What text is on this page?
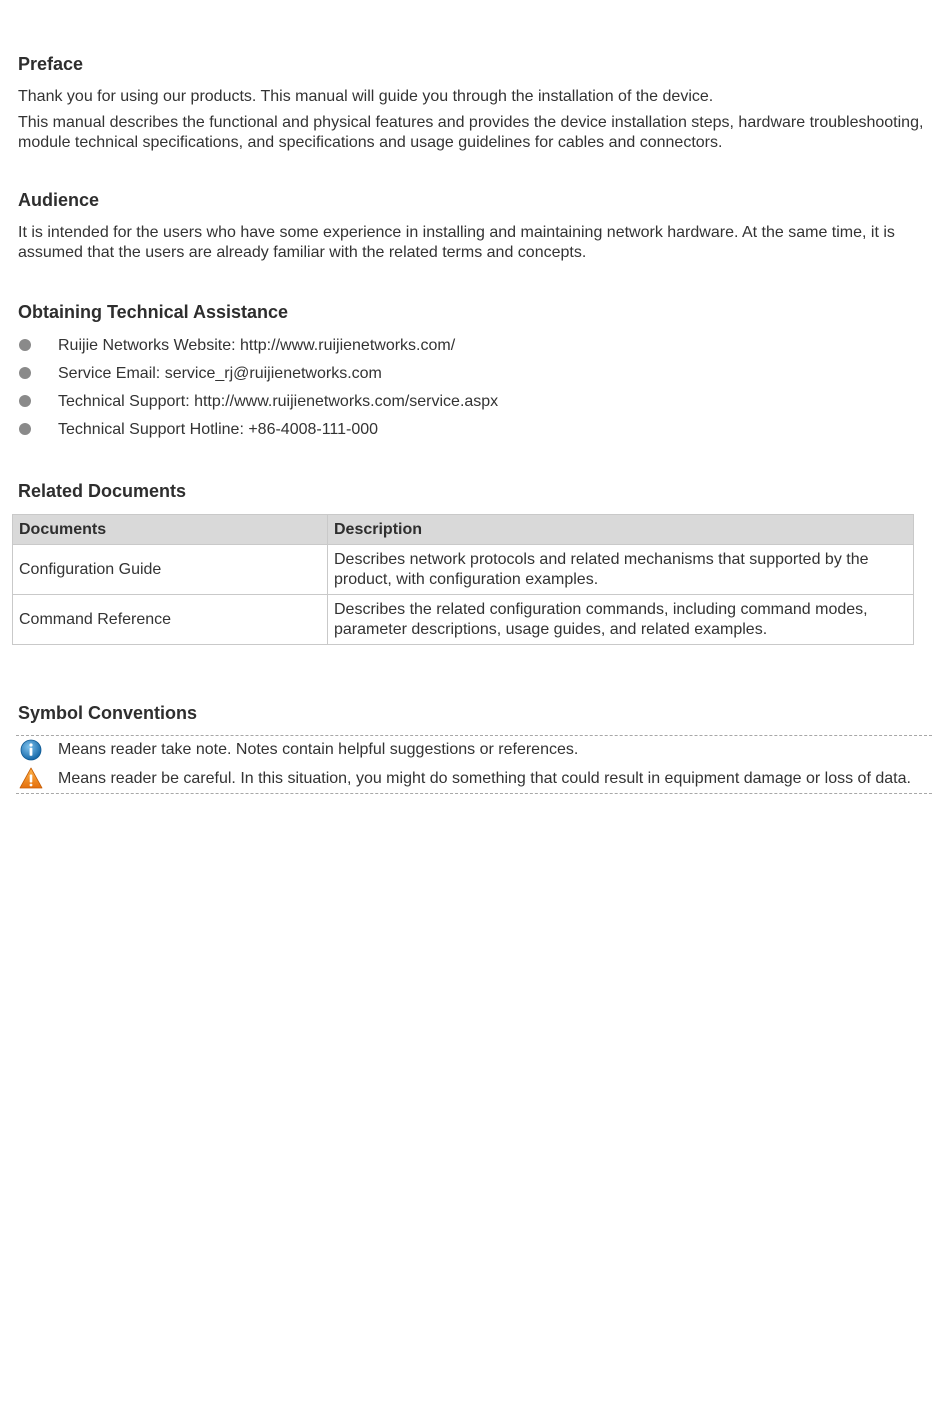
Preface

Thank you for using our products. This manual will guide you through the installation of the device.

This manual describes the functional and physical features and provides the device installation steps, hardware troubleshooting, module technical specifications, and specifications and usage guidelines for cables and connectors.

Audience

It is intended for the users who have some experience in installing and maintaining network hardware. At the same time, it is assumed that the users are already familiar with the related terms and concepts.

Obtaining Technical Assistance
Ruijie Networks Website: http://www.ruijienetworks.com/
Service Email: service_rj@ruijienetworks.com
Technical Support: http://www.ruijienetworks.com/service.aspx
Technical Support Hotline: +86-4008-111-000
Related Documents
Documents	Description
Configuration Guide	Describes network protocols and related mechanisms that supported by the product, with configuration examples.
Command Reference	Describes the related configuration commands, including command modes, parameter descriptions, usage guides, and related examples.
Symbol Conventions
Means reader take note. Notes contain helpful suggestions or references.
Means reader be careful. In this situation, you might do something that could result in equipment damage or loss of data.
